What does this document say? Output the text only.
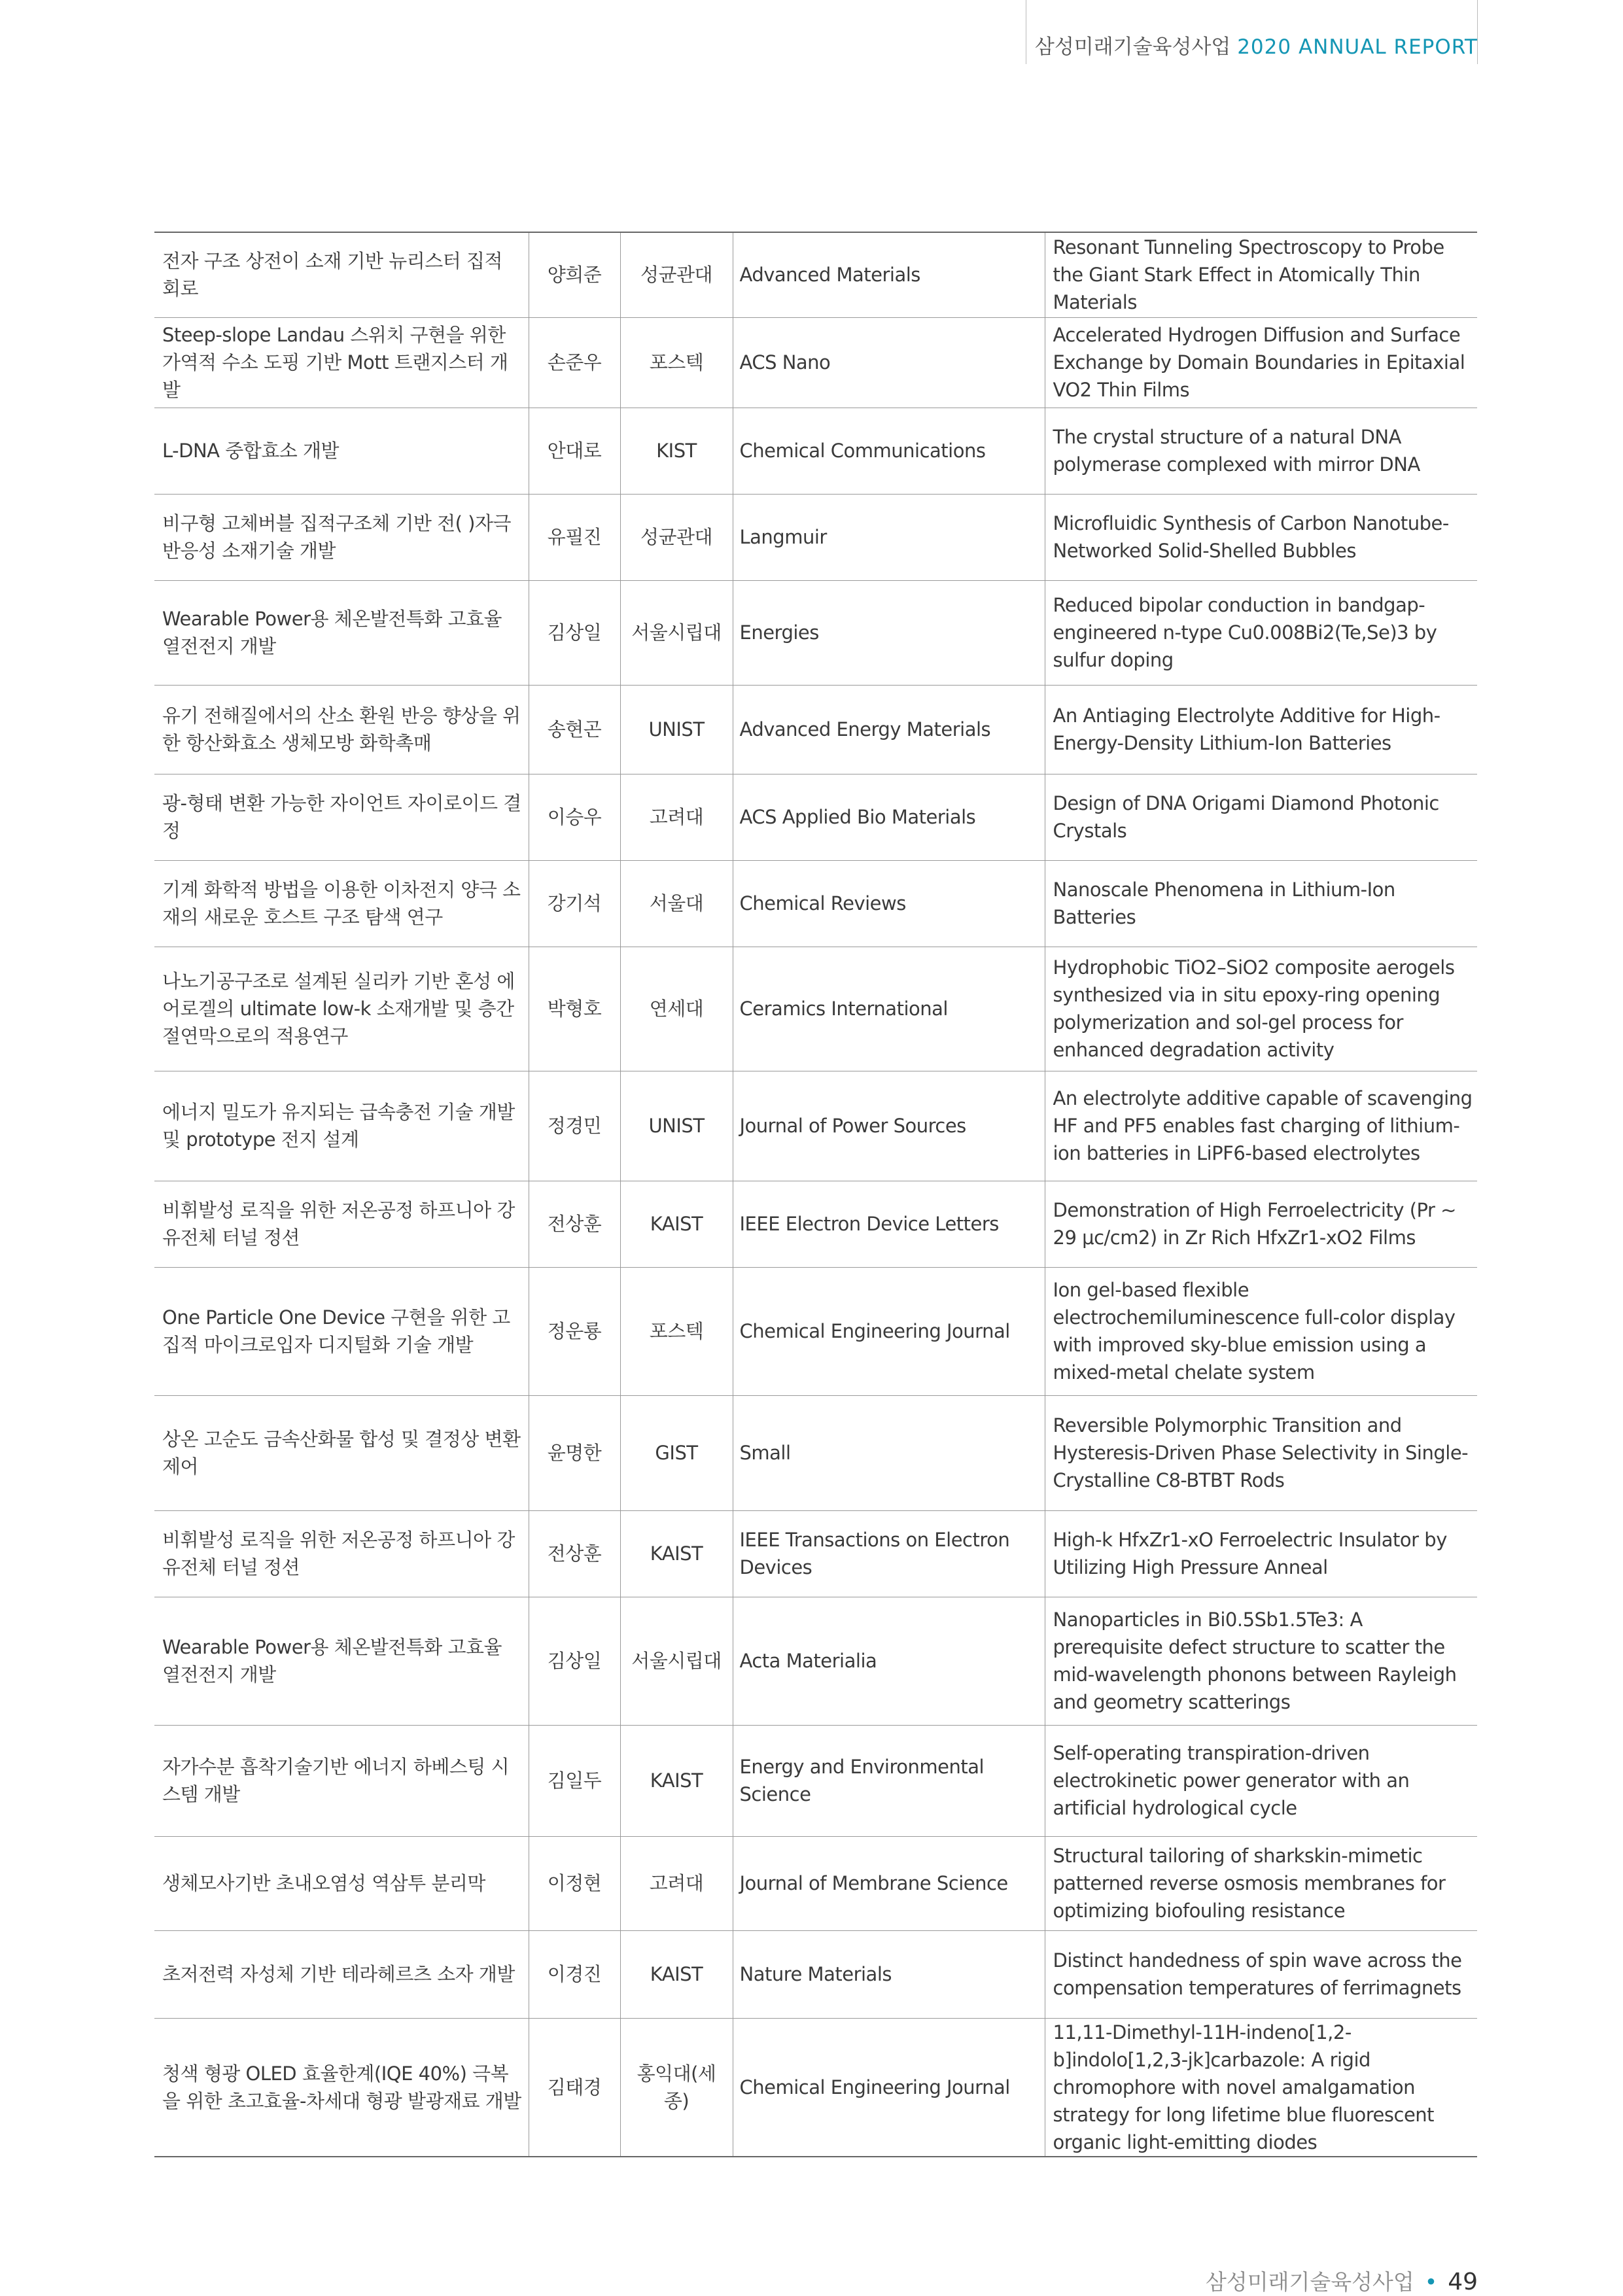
삼성미래기술육성사업 2020 ANNUAL REPORT
전자 구조 상전이 소재 기반 뉴리스터 집적 회로	양희준	성균관대	Advanced Materials	Resonant Tunneling Spectroscopy to Probe the Giant Stark Effect in Atomically Thin Materials
Steep-slope Landau 스위치 구현을 위한 가역적 수소 도핑 기반 Mott 트랜지스터 개발	손준우	포스텍	ACS Nano	Accelerated Hydrogen Diffusion and Surface Exchange by Domain Boundaries in Epitaxial VO2 Thin Films
L-DNA 중합효소 개발	안대로	KIST	Chemical Communications	The crystal structure of a natural DNA polymerase complexed with mirror DNA
비구형 고체버블 집적구조체 기반 전( )자극 반응성 소재기술 개발	유필진	성균관대	Langmuir	Microfluidic Synthesis of Carbon Nanotube-Networked Solid-Shelled Bubbles
Wearable Power용 체온발전특화 고효율 열전전지 개발	김상일	서울시립대	Energies	Reduced bipolar conduction in bandgap-engineered n-type Cu0.008Bi2(Te,Se)3 by sulfur doping
유기 전해질에서의 산소 환원 반응 향상을 위한 항산화효소 생체모방 화학촉매	송현곤	UNIST	Advanced Energy Materials	An Antiaging Electrolyte Additive for High-Energy-Density Lithium-Ion Batteries
광-형태 변환 가능한 자이언트 자이로이드 결정	이승우	고려대	ACS Applied Bio Materials	Design of DNA Origami Diamond Photonic Crystals
기계 화학적 방법을 이용한 이차전지 양극 소재의 새로운 호스트 구조 탐색 연구	강기석	서울대	Chemical Reviews	Nanoscale Phenomena in Lithium-Ion Batteries
나노기공구조로 설계된 실리카 기반 혼성 에어로겔의 ultimate low-k 소재개발 및 층간 절연막으로의 적용연구	박형호	연세대	Ceramics International	Hydrophobic TiO2–SiO2 composite aerogels synthesized via in situ epoxy-ring opening polymerization and sol-gel process for enhanced degradation activity
에너지 밀도가 유지되는 급속충전 기술 개발 및 prototype 전지 설계	정경민	UNIST	Journal of Power Sources	An electrolyte additive capable of scavenging HF and PF5 enables fast charging of lithium-ion batteries in LiPF6-based electrolytes
비휘발성 로직을 위한 저온공정 하프니아 강유전체 터널 정션	전상훈	KAIST	IEEE Electron Device Letters	Demonstration of High Ferroelectricity (Pr ~ 29 μc/cm2) in Zr Rich HfxZr1-xO2 Films
One Particle One Device 구현을 위한 고집적 마이크로입자 디지털화 기술 개발	정운룡	포스텍	Chemical Engineering Journal	Ion gel-based flexible electrochemiluminescence full-color display with improved sky-blue emission using a mixed-metal chelate system
상온 고순도 금속산화물 합성 및 결정상 변환 제어	윤명한	GIST	Small	Reversible Polymorphic Transition and Hysteresis-Driven Phase Selectivity in Single-Crystalline C8-BTBT Rods
비휘발성 로직을 위한 저온공정 하프니아 강유전체 터널 정션	전상훈	KAIST	IEEE Transactions on Electron Devices	High-k HfxZr1-xO Ferroelectric Insulator by Utilizing High Pressure Anneal
Wearable Power용 체온발전특화 고효율 열전전지 개발	김상일	서울시립대	Acta Materialia	Nanoparticles in Bi0.5Sb1.5Te3: A prerequisite defect structure to scatter the mid-wavelength phonons between Rayleigh and geometry scatterings
자가수분 흡착기술기반 에너지 하베스팅 시스템 개발	김일두	KAIST	Energy and Environmental Science	Self-operating transpiration-driven electrokinetic power generator with an artificial hydrological cycle
생체모사기반 초내오염성 역삼투 분리막	이정현	고려대	Journal of Membrane Science	Structural tailoring of sharkskin-mimetic patterned reverse osmosis membranes for optimizing biofouling resistance
초저전력 자성체 기반 테라헤르츠 소자 개발	이경진	KAIST	Nature Materials	Distinct handedness of spin wave across the compensation temperatures of ferrimagnets
청색 형광 OLED 효율한계(IQE 40%) 극복을 위한 초고효율-차세대 형광 발광재료 개발	김태경	홍익대(세종)	Chemical Engineering Journal	11,11-Dimethyl-11H-indeno[1,2-b]indolo[1,2,3-jk]carbazole: A rigid chromophore with novel amalgamation strategy for long lifetime blue fluorescent organic light-emitting diodes
삼성미래기술육성사업 • 49
